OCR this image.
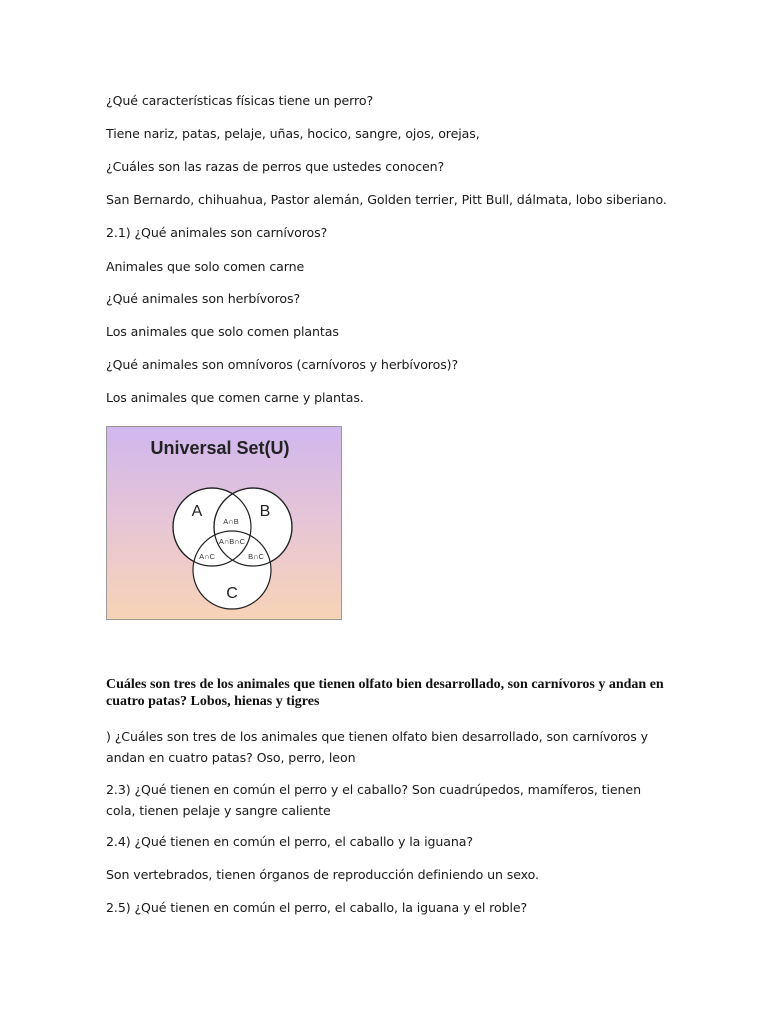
¿Qué características físicas tiene un perro?
Tiene nariz, patas, pelaje, uñas, hocico, sangre, ojos, orejas,
¿Cuáles son las razas de perros que ustedes conocen?
San Bernardo, chihuahua, Pastor alemán, Golden terrier, Pitt Bull, dálmata, lobo siberiano.
2.1) ¿Qué animales son carnívoros?
Animales que solo comen carne
¿Qué animales son herbívoros?
Los animales que solo comen plantas
¿Qué animales son omnívoros (carnívoros y herbívoros)?
Los animales que comen carne y plantas.
Universal Set(U)
A	B
C
A∩B
A∩B∩C
A∩C	B∩C
Cuáles son tres de los animales que tienen olfato bien desarrollado, son carnívoros y andan en cuatro patas? Lobos, hienas y tigres
) ¿Cuáles son tres de los animales que tienen olfato bien desarrollado, son carnívoros y andan en cuatro patas? Oso, perro, leon
2.3) ¿Qué tienen en común el perro y el caballo? Son cuadrúpedos, mamíferos, tienen cola, tienen pelaje y sangre caliente
2.4) ¿Qué tienen en común el perro, el caballo y la iguana?
Son vertebrados, tienen órganos de reproducción definiendo un sexo.
2.5) ¿Qué tienen en común el perro, el caballo, la iguana y el roble?
